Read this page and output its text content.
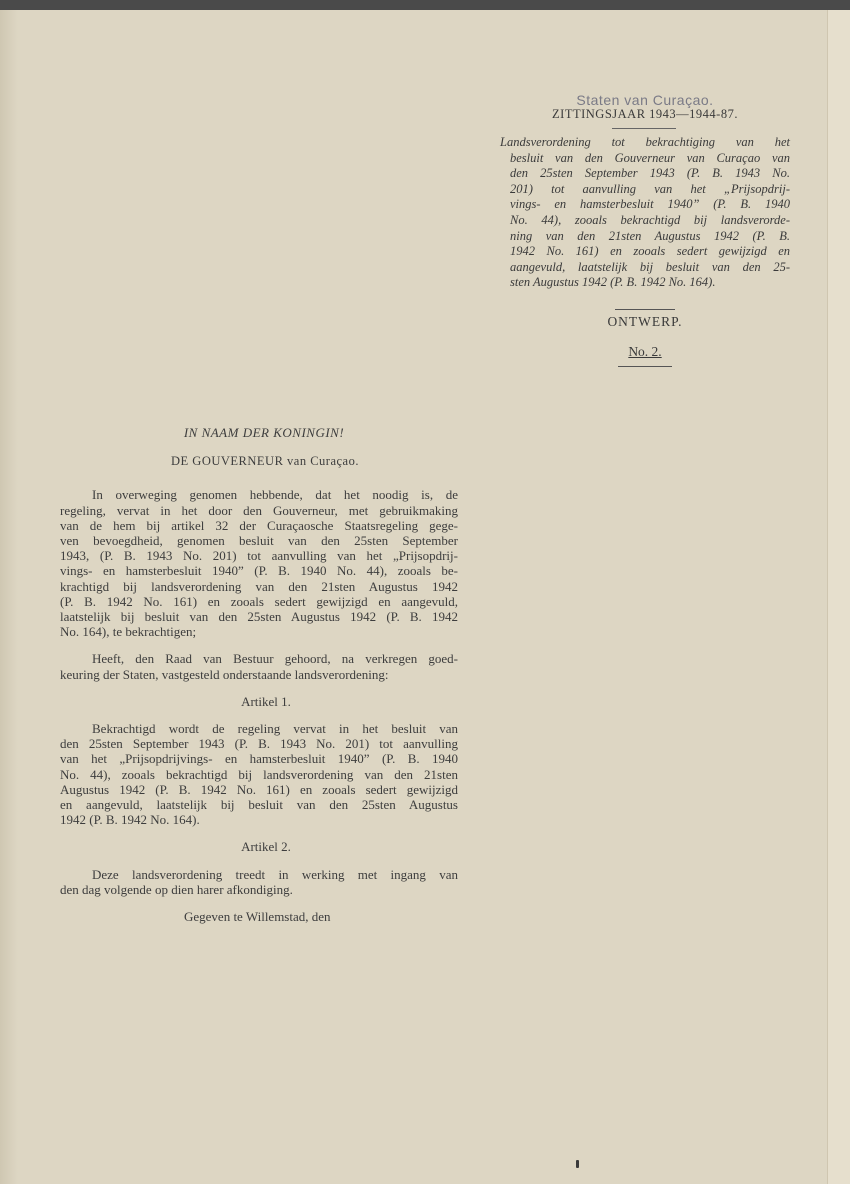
Staten van Curaçao.
ZITTINGSJAAR 1943—1944-87.
Landsverordening tot bekrachtiging van het
besluit van den Gouverneur van Curaçao van
den 25sten September 1943 (P. B. 1943 No.
201) tot aanvulling van het „Prijsopdrij-
vings- en hamsterbesluit 1940” (P. B. 1940
No. 44), zooals bekrachtigd bij landsverorde-
ning van den 21sten Augustus 1942 (P. B.
1942 No. 161) en zooals sedert gewijzigd en
aangevuld, laatstelijk bij besluit van den 25-
sten Augustus 1942 (P. B. 1942 No. 164).
ONTWERP.
No. 2.
IN NAAM DER KONINGIN!
DE GOUVERNEUR van Curaçao.
In overweging genomen hebbende, dat het noodig is, de
regeling, vervat in het door den Gouverneur, met gebruikmaking
van de hem bij artikel 32 der Curaçaosche Staatsregeling gege-
ven bevoegdheid, genomen besluit van den 25sten September
1943, (P. B. 1943 No. 201) tot aanvulling van het „Prijsopdrij-
vings- en hamsterbesluit 1940” (P. B. 1940 No. 44), zooals be-
krachtigd bij landsverordening van den 21sten Augustus 1942
(P. B. 1942 No. 161) en zooals sedert gewijzigd en aangevuld,
laatstelijk bij besluit van den 25sten Augustus 1942 (P. B. 1942
No. 164), te bekrachtigen;
Heeft, den Raad van Bestuur gehoord, na verkregen goed-
keuring der Staten, vastgesteld onderstaande landsverordening:
Artikel 1.
Bekrachtigd wordt de regeling vervat in het besluit van
den 25sten September 1943 (P. B. 1943 No. 201) tot aanvulling
van het „Prijsopdrijvings- en hamsterbesluit 1940” (P. B. 1940
No. 44), zooals bekrachtigd bij landsverordening van den 21sten
Augustus 1942 (P. B. 1942 No. 161) en zooals sedert gewijzigd
en aangevuld, laatstelijk bij besluit van den 25sten Augustus
1942 (P. B. 1942 No. 164).
Artikel 2.
Deze landsverordening treedt in werking met ingang van
den dag volgende op dien harer afkondiging.
Gegeven te Willemstad, den
